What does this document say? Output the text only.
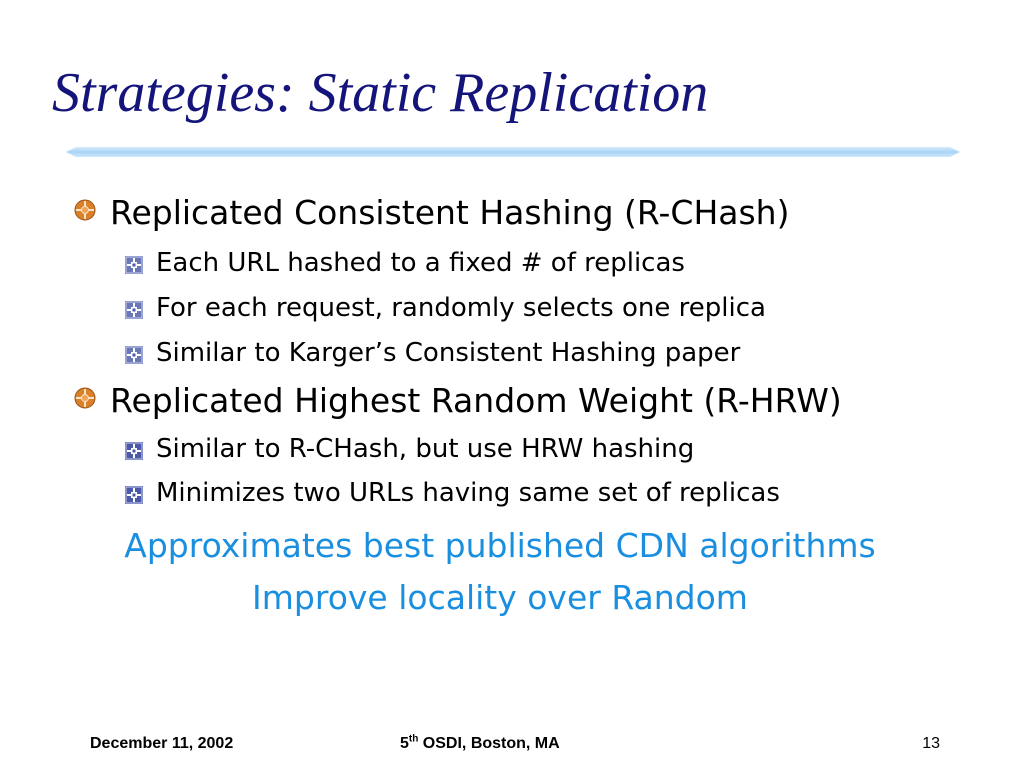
Strategies: Static Replication
Replicated Consistent Hashing (R-CHash)
Each URL hashed to a fixed # of replicas
For each request, randomly selects one replica
Similar to Karger’s Consistent Hashing paper
Replicated Highest Random Weight (R-HRW)
Similar to R-CHash, but use HRW hashing
Minimizes two URLs having same set of replicas
Approximates best published CDN algorithms
Improve locality over Random
December 11, 2002	5th OSDI, Boston, MA	13
